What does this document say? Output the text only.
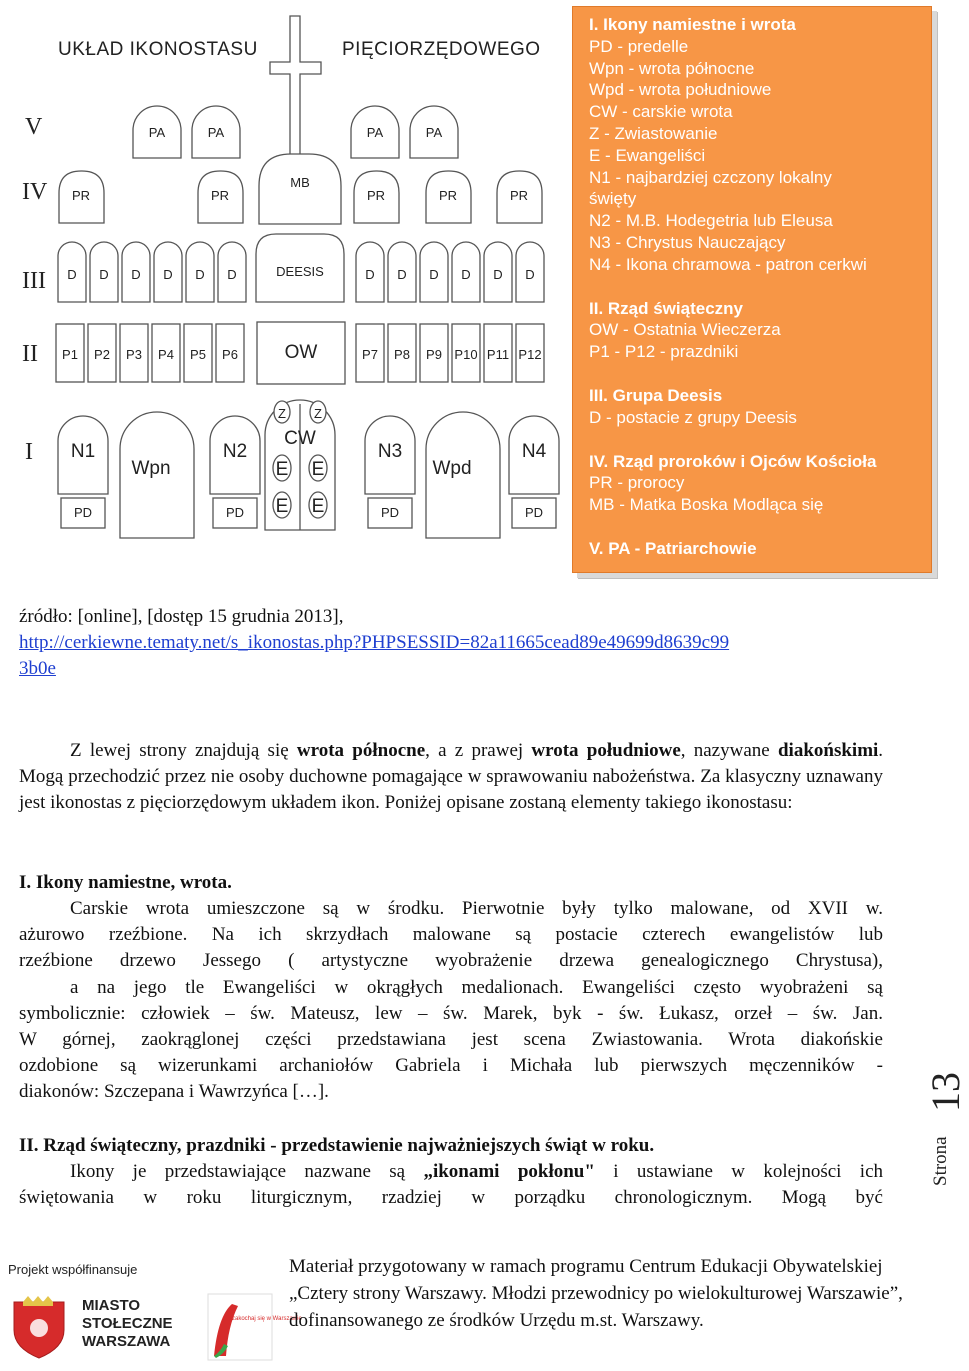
UKŁAD IKONOSTASU	PIĘCIORZĘDOWEGO
V
IV
III
II
I
PA	PA	PA	PA
PR	PR
MB
PR	PR	PR
D D D D D D	DEESIS	D D D D D D
P1 P2 P3 P4 P5 P6 OW	P7 P8 P9 P10 P11 P12
N1
PD
N2
PD
N3
PD
N4
PD
Wpn	Wpd
Z Z
CW
E E
E E
I. Ikony namiestne i wrota
PD - predelle
Wpn - wrota północne
Wpd - wrota południowe
CW - carskie wrota
Z - Zwiastowanie
E - Ewangeliści
N1 - najbardziej czczony lokalny
święty
N2 - M.B. Hodegetria lub Eleusa
N3 - Chrystus Nauczający
N4 - Ikona chramowa - patron cerkwi
II. Rząd świąteczny
OW - Ostatnia Wieczerza
P1 - P12 - prazdniki
III. Grupa Deesis
D - postacie z grupy Deesis
IV. Rząd proroków i Ojców Kościoła
PR - prorocy
MB - Matka Boska Modląca się
V. PA - Patriarchowie
źródło: [online], [dostęp 15 grudnia 2013],
http://cerkiewne.tematy.net/s_ikonostas.php?PHPSESSID=82a11665cead89e49699d8639c99
3b0e
Z lewej strony znajdują się wrota północne, a z prawej wrota południowe, nazywane diakońskimi. Mogą przechodzić przez nie osoby duchowne pomagające w sprawowaniu nabożeństwa. Za klasyczny uznawany jest ikonostas z pięciorzędowym układem ikon. Poniżej opisane zostaną elementy takiego ikonostasu:
I. Ikony namiestne, wrota.
Carskie wrota umieszczone są w środku. Pierwotnie były tylko malowane, od XVII w.
ażurowo rzeźbione. Na ich skrzydłach malowane są postacie czterech ewangelistów lub
rzeźbione drzewo Jessego ( artystyczne wyobrażenie drzewa genealogicznego Chrystusa),
a na jego tle Ewangeliści w okrągłych medalionach. Ewangeliści często wyobrażeni są
symbolicznie: człowiek – św. Mateusz, lew – św. Marek, byk - św. Łukasz, orzeł – św. Jan.
W górnej, zaokrąglonej części przedstawiana jest scena Zwiastowania. Wrota diakońskie
ozdobione są wizerunkami archaniołów Gabriela i Michała lub pierwszych męczenników -
diakonów: Szczepana i Wawrzyńca […].
II. Rząd świąteczny, prazdniki - przedstawienie najważniejszych świąt w roku.
Ikony je przedstawiające nazwane są „ikonami pokłonu" i ustawiane w kolejności ich
świętowania w roku liturgicznym, rzadziej w porządku chronologicznym. Mogą być
Strona
13
Projekt współfinansuje
MIASTO
STOŁECZNE
WARSZAWA
zakochaj się w Warszawie
Materiał przygotowany w ramach programu Centrum Edukacji Obywatelskiej „Cztery strony Warszawy. Młodzi przewodnicy po wielokulturowej Warszawie”, dofinansowanego ze środków Urzędu m.st. Warszawy.
